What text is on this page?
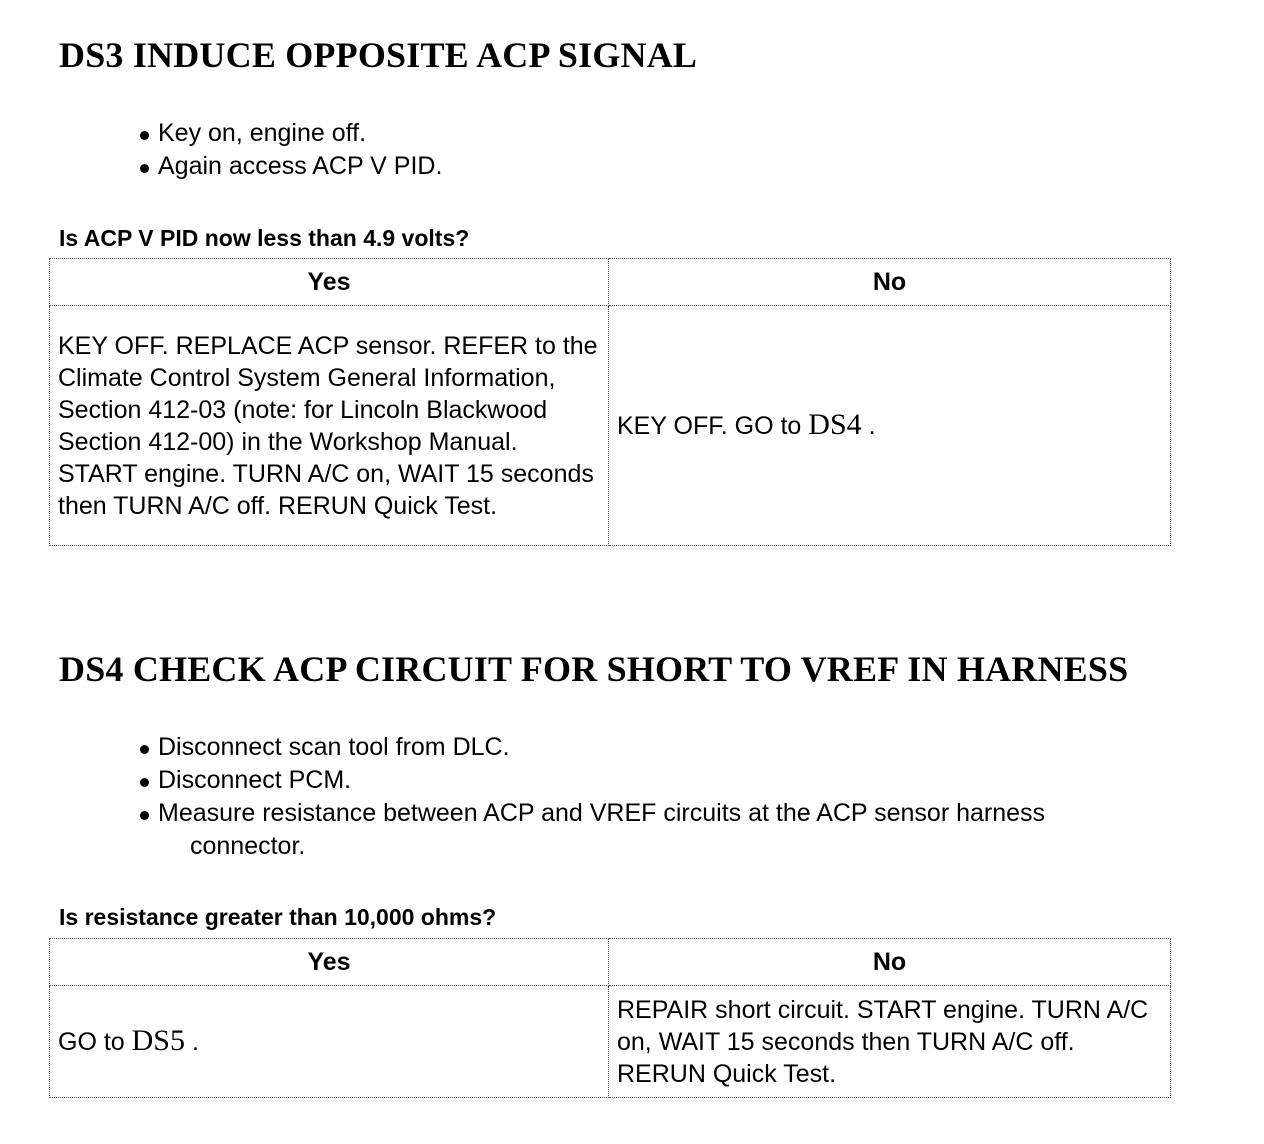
DS3 INDUCE OPPOSITE ACP SIGNAL
Key on, engine off.
Again access ACP V PID.

Is ACP V PID now less than 4.9 volts?

Yes	No
KEY OFF. REPLACE ACP sensor. REFER to the Climate Control System General Information, Section 412-03 (note: for Lincoln Blackwood Section 412-00) in the Workshop Manual. START engine. TURN A/C on, WAIT 15 seconds then TURN A/C off. RERUN Quick Test.	KEY OFF. GO to DS4 .
DS4 CHECK ACP CIRCUIT FOR SHORT TO VREF IN HARNESS
Disconnect scan tool from DLC.
Disconnect PCM.
Measure resistance between ACP and VREF circuits at the ACP sensor harness
connector.

Is resistance greater than 10,000 ohms?

Yes	No
GO to DS5 .	REPAIR short circuit. START engine. TURN A/C on, WAIT 15 seconds then TURN A/C off. RERUN Quick Test.
